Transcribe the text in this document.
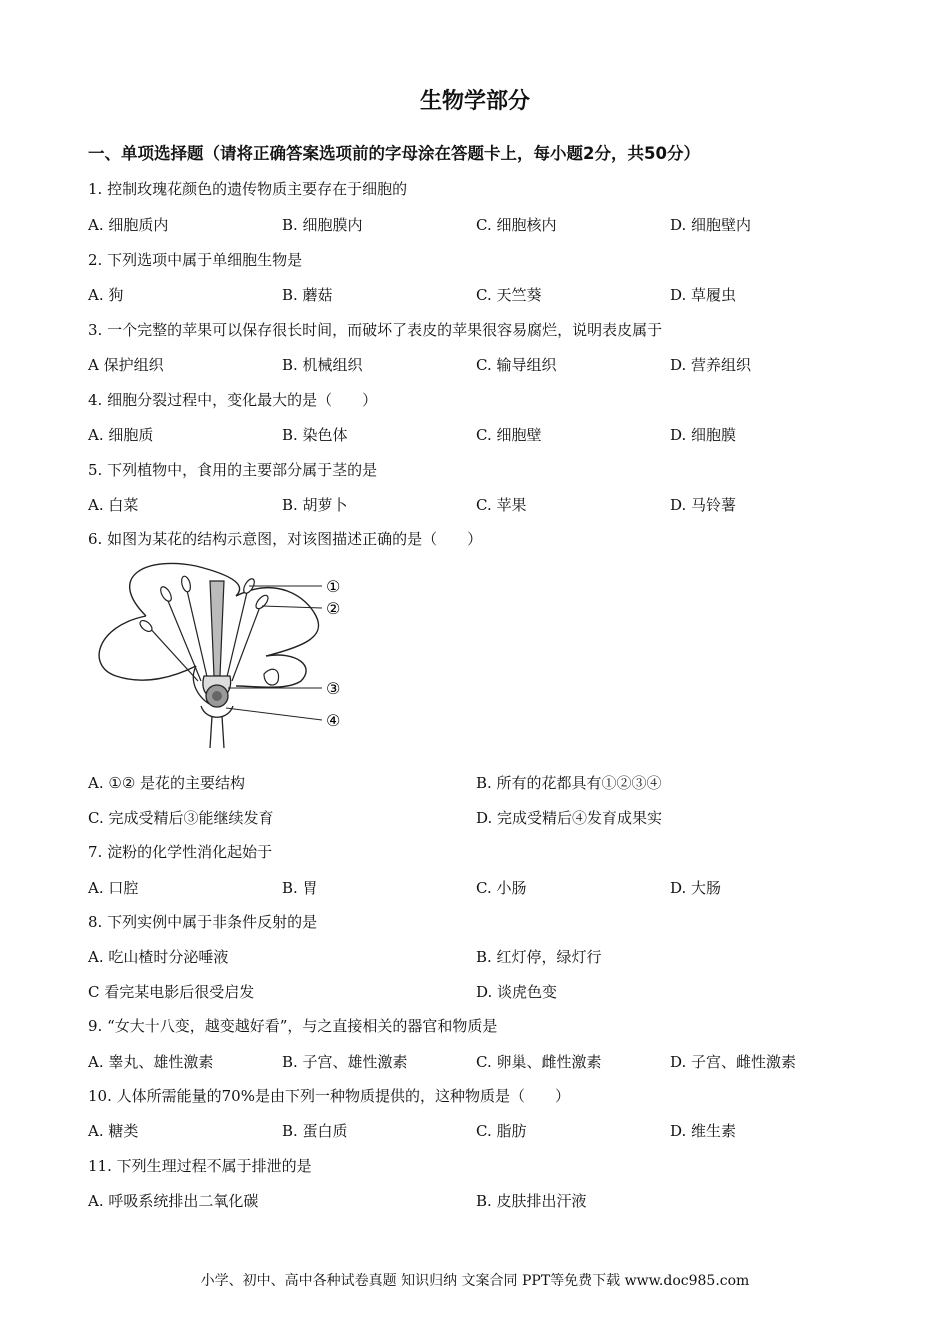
生物学部分
一、单项选择题（请将正确答案选项前的字母涂在答题卡上，每小题2分，共50分）
1. 控制玫瑰花颜色的遗传物质主要存在于细胞的
A. 细胞质内	B. 细胞膜内	C. 细胞核内	D. 细胞壁内
2. 下列选项中属于单细胞生物是
A. 狗	B. 蘑菇	C. 天竺葵	D. 草履虫
3. 一个完整的苹果可以保存很长时间，而破坏了表皮的苹果很容易腐烂，说明表皮属于
A 保护组织	B. 机械组织	C. 输导组织	D. 营养组织
4. 细胞分裂过程中，变化最大的是（　　）
A. 细胞质	B. 染色体	C. 细胞壁	D. 细胞膜
5. 下列植物中，食用的主要部分属于茎的是
A. 白菜	B. 胡萝卜	C. 苹果	D. 马铃薯
6. 如图为某花的结构示意图，对该图描述正确的是（　　）
①
②
③
④
A. ①② 是花的主要结构	B. 所有的花都具有①②③④
C. 完成受精后③能继续发育	D. 完成受精后④发育成果实
7. 淀粉的化学性消化起始于
A. 口腔	B. 胃	C. 小肠	D. 大肠
8. 下列实例中属于非条件反射的是
A. 吃山楂时分泌唾液	B. 红灯停，绿灯行
C 看完某电影后很受启发	D. 谈虎色变
9. “女大十八变，越变越好看”，与之直接相关的器官和物质是
A. 睾丸、雄性激素	B. 子宫、雄性激素	C. 卵巢、雌性激素	D. 子宫、雌性激素
10. 人体所需能量的70%是由下列一种物质提供的，这种物质是（　　）
A. 糖类	B. 蛋白质	C. 脂肪	D. 维生素
11. 下列生理过程不属于排泄的是
A. 呼吸系统排出二氧化碳	B. 皮肤排出汗液
小学、初中、高中各种试卷真题 知识归纳 文案合同 PPT等免费下载 www.doc985.com
